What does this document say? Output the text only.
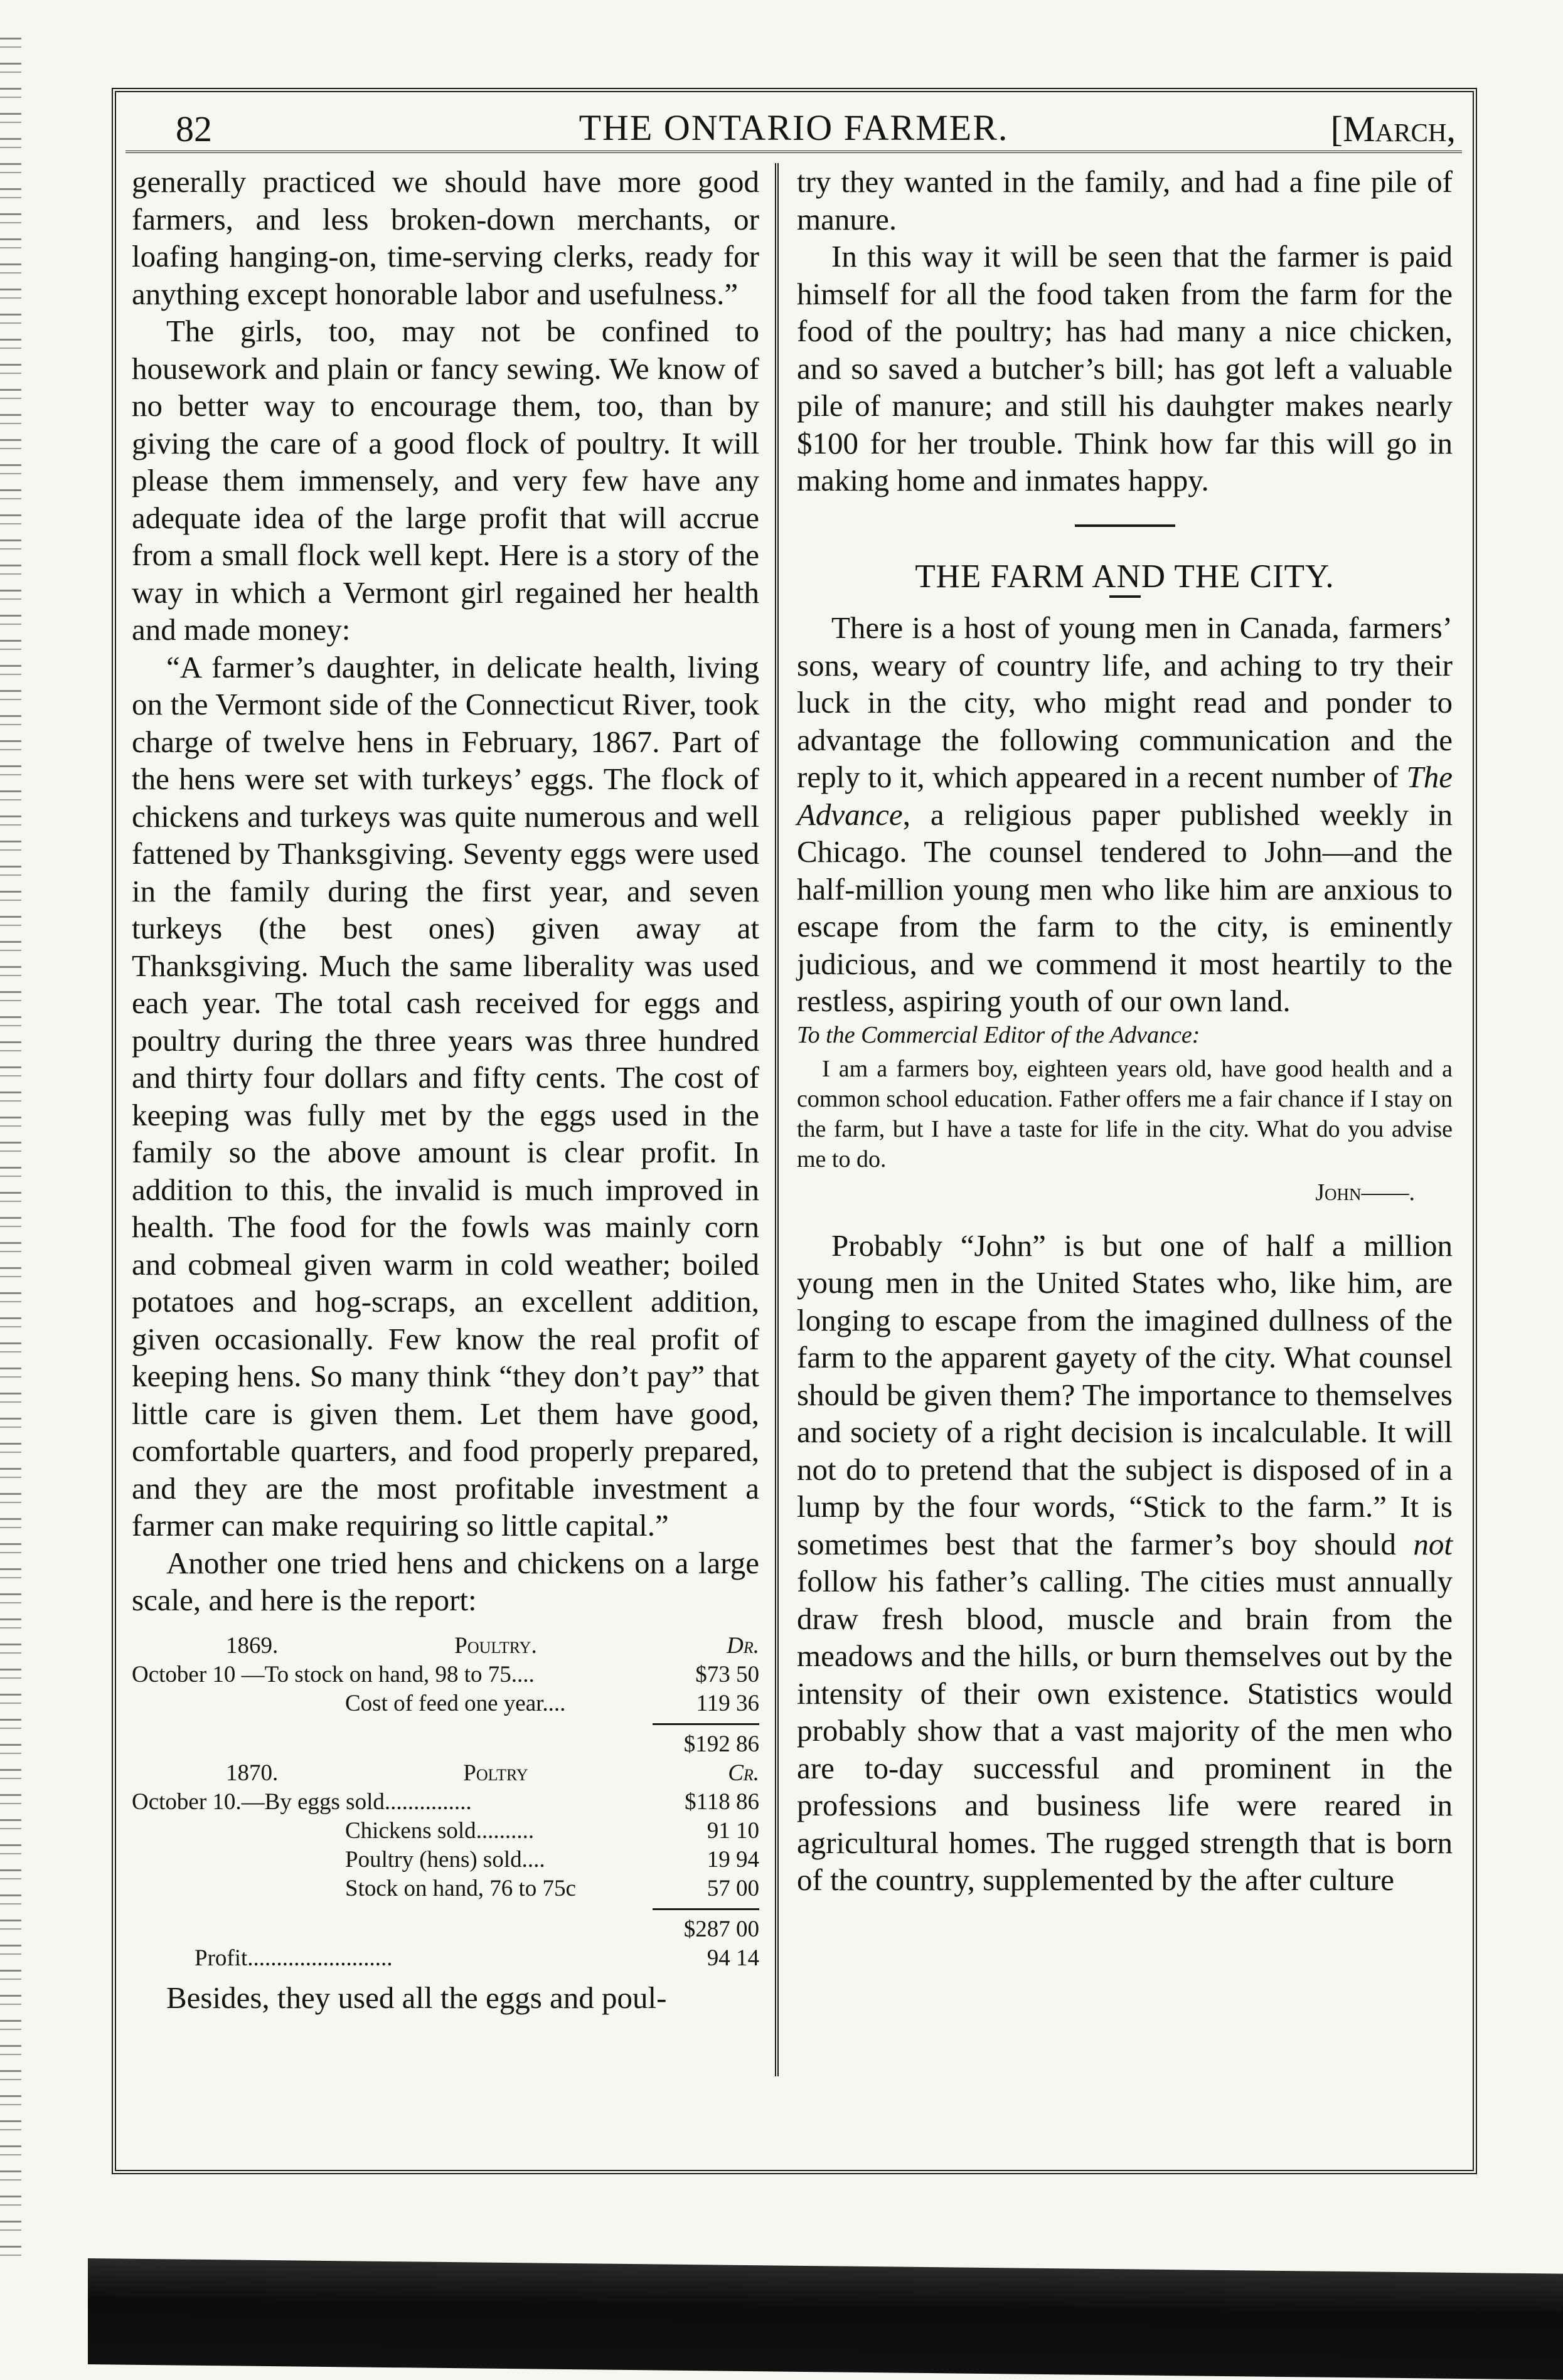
82	THE ONTARIO FARMER.	[March,

generally practiced we should have more good farmers, and less broken-down merchants, or loafing hanging-on, time-serving clerks, ready for anything except honorable labor and usefulness.”

The girls, too, may not be confined to housework and plain or fancy sewing. We know of no better way to encourage them, too, than by giving the care of a good flock of poultry. It will please them immensely, and very few have any adequate idea of the large profit that will accrue from a small flock well kept. Here is a story of the way in which a Vermont girl regained her health and made money:

“A farmer’s daughter, in delicate health, living on the Vermont side of the Connecticut River, took charge of twelve hens in February, 1867. Part of the hens were set with turkeys’ eggs. The flock of chickens and turkeys was quite numerous and well fattened by Thanksgiving. Seventy eggs were used in the family during the first year, and seven turkeys (the best ones) given away at Thanksgiving. Much the same liberality was used each year. The total cash received for eggs and poultry during the three years was three hundred and thirty four dollars and fifty cents. The cost of keeping was fully met by the eggs used in the family so the above amount is clear profit. In addition to this, the invalid is much improved in health. The food for the fowls was mainly corn and cobmeal given warm in cold weather; boiled potatoes and hog-scraps, an excellent addition, given occasionally. Few know the real profit of keeping hens. So many think “they don’t pay” that little care is given them. Let them have good, comfortable quarters, and food properly prepared, and they are the most profitable investment a farmer can make requiring so little capital.”

Another one tried hens and chickens on a large scale, and here is the report:

1869.	Poultry.	Dr.
October 10 —To stock on hand, 98 to 75....	$73 50
Cost of feed one year....	119 36
$192 86
1870.	Poltry	Cr.
October 10.—By eggs sold...............	$118 86
Chickens sold..........	91 10
Poultry (hens) sold....	19 94
Stock on hand, 76 to 75c	57 00
$287 00
Profit.........................	94 14

Besides, they used all the eggs and poul-

try they wanted in the family, and had a fine pile of manure.

In this way it will be seen that the farmer is paid himself for all the food taken from the farm for the food of the poultry; has had many a nice chicken, and so saved a butcher’s bill; has got left a valuable pile of manure; and still his dauhgter makes nearly $100 for her trouble. Think how far this will go in making home and inmates happy.

THE FARM AND THE CITY.

There is a host of young men in Canada, farmers’ sons, weary of country life, and aching to try their luck in the city, who might read and ponder to advantage the following communication and the reply to it, which appeared in a recent number of The Advance, a religious paper published weekly in Chicago. The counsel tendered to John—and the half-million young men who like him are anxious to escape from the farm to the city, is eminently judicious, and we commend it most heartily to the restless, aspiring youth of our own land.

To the Commercial Editor of the Advance:

I am a farmers boy, eighteen years old, have good health and a common school education. Father offers me a fair chance if I stay on the farm, but I have a taste for life in the city. What do you advise me to do.

John——.

Probably “John” is but one of half a million young men in the United States who, like him, are longing to escape from the imagined dullness of the farm to the apparent gayety of the city. What counsel should be given them? The importance to themselves and society of a right decision is incalculable. It will not do to pretend that the subject is disposed of in a lump by the four words, “Stick to the farm.” It is sometimes best that the farmer’s boy should not follow his father’s calling. The cities must annually draw fresh blood, muscle and brain from the meadows and the hills, or burn themselves out by the intensity of their own existence. Statistics would probably show that a vast majority of the men who are to-day successful and prominent in the professions and business life were reared in agricultural homes. The rugged strength that is born of the country, supplemented by the after culture
